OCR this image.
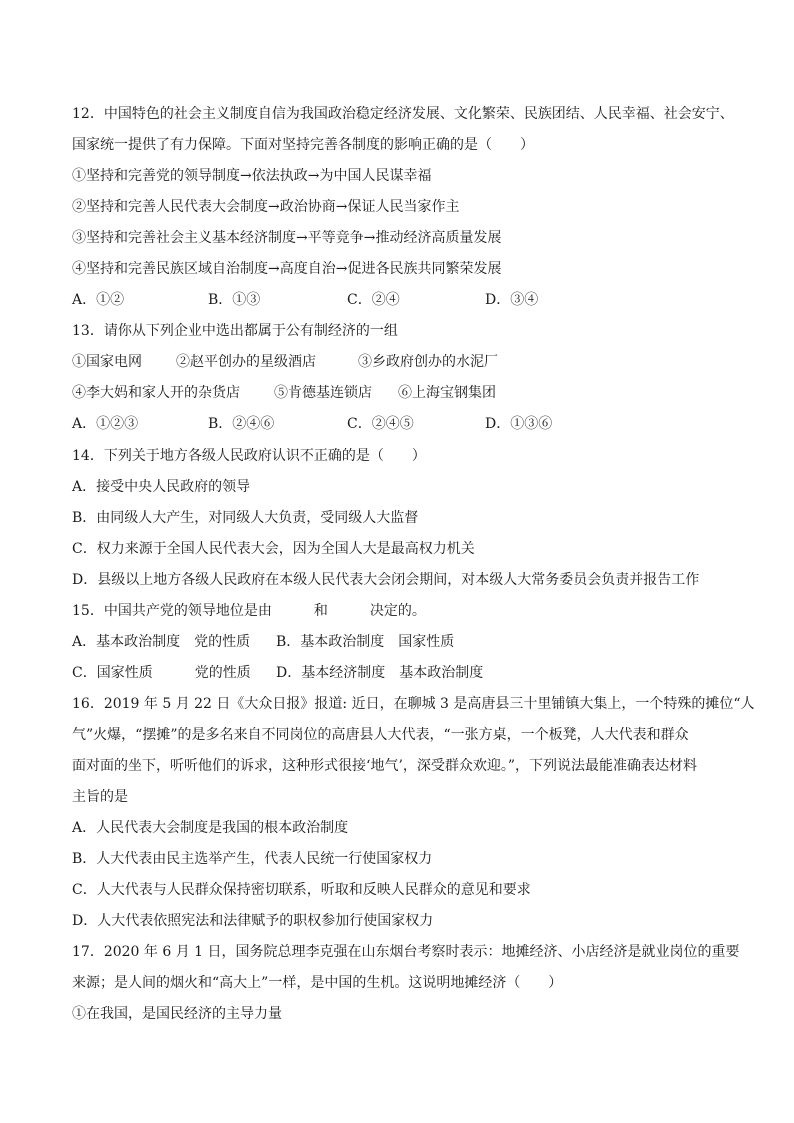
12．中国特色的社会主义制度自信为我国政治稳定经济发展、文化繁荣、民族团结、人民幸福、社会安宁、
国家统一提供了有力保障。下面对坚持完善各制度的影响正确的是（　　）
①坚持和完善党的领导制度→依法执政→为中国人民谋幸福
②坚持和完善人民代表大会制度→政治协商→保证人民当家作主
③坚持和完善社会主义基本经济制度→平等竞争→推动经济高质量发展
④坚持和完善民族区域自治制度→高度自治→促进各民族共同繁荣发展
A．①②	B．①③	C．②④	D．③④
13．请你从下列企业中选出都属于公有制经济的一组
①国家电网 ②赵平创办的星级酒店	③乡政府创办的水泥厂
④李大妈和家人开的杂货店 ⑤肯德基连锁店 ⑥上海宝钢集团
A．①②③	B．②④⑥	C．②④⑤	D．①③⑥
14．下列关于地方各级人民政府认识不正确的是（　　）
A．接受中央人民政府的领导
B．由同级人大产生，对同级人大负责，受同级人大监督
C．权力来源于全国人民代表大会，因为全国人大是最高权力机关
D．县级以上地方各级人民政府在本级人民代表大会闭会期间，对本级人大常务委员会负责并报告工作
15．中国共产党的领导地位是由　　　和　　　决定的。
A．基本政治制度　党的性质 B．基本政治制度　国家性质
C．国家性质　　　党的性质 D．基本经济制度　基本政治制度
16．2019 年 5 月 22 日《大众日报》报道: 近日，在聊城 3 是高唐县三十里铺镇大集上，一个特殊的摊位“人
气”火爆，“摆摊”的是多名来自不同岗位的高唐县人大代表，“一张方桌，一个板凳，人大代表和群众
面对面的坐下，听听他们的诉求，这种形式很接‘地气’，深受群众欢迎。”，下列说法最能准确表达材料
主旨的是
A．人民代表大会制度是我国的根本政治制度
B．人大代表由民主选举产生，代表人民统一行使国家权力
C．人大代表与人民群众保持密切联系，听取和反映人民群众的意见和要求
D．人大代表依照宪法和法律赋予的职权参加行使国家权力
17．2020 年 6 月 1 日，国务院总理李克强在山东烟台考察时表示：地摊经济、小店经济是就业岗位的重要
来源；是人间的烟火和“高大上”一样，是中国的生机。这说明地摊经济（　　）
①在我国，是国民经济的主导力量
